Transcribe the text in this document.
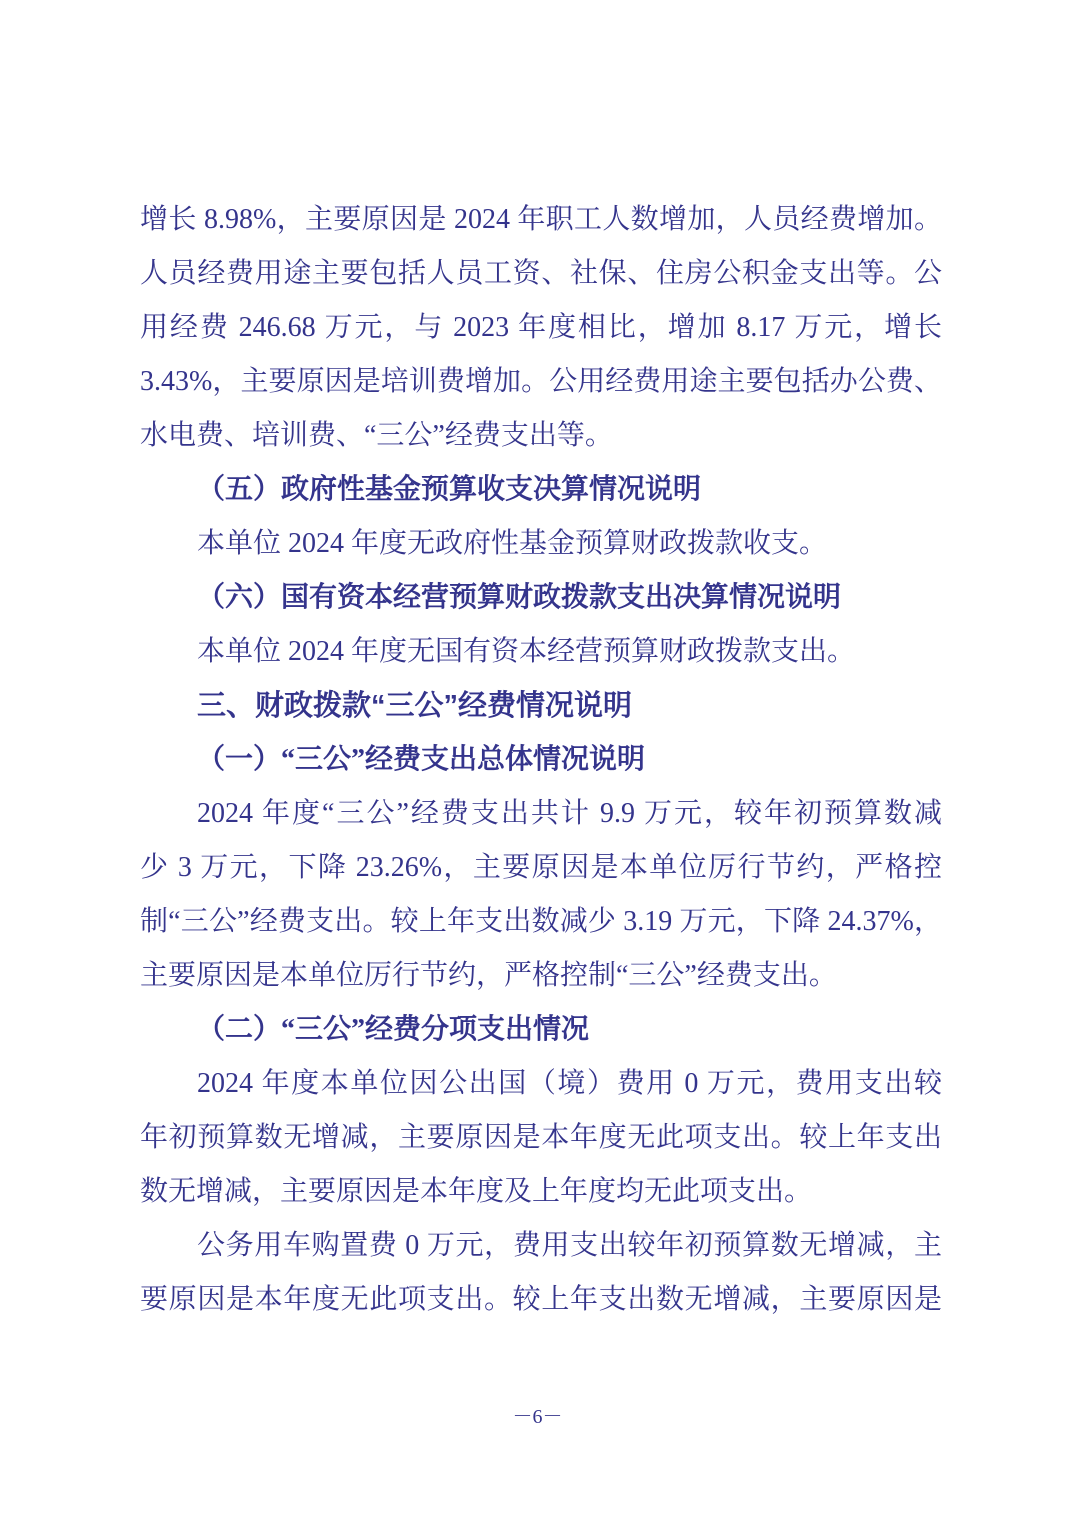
增长 8.98%，主要原因是 2024 年职工人数增加，人员经费增加。
人员经费用途主要包括人员工资、社保、住房公积金支出等。公
用经费 246.68 万元，与 2023 年度相比，增加 8.17 万元，增长
3.43%，主要原因是培训费增加。公用经费用途主要包括办公费、
水电费、培训费、“三公”经费支出等。
（五）政府性基金预算收支决算情况说明
本单位 2024 年度无政府性基金预算财政拨款收支。
（六）国有资本经营预算财政拨款支出决算情况说明
本单位 2024 年度无国有资本经营预算财政拨款支出。
三、财政拨款“三公”经费情况说明
（一）“三公”经费支出总体情况说明
2024 年度“三公”经费支出共计 9.9 万元，较年初预算数减
少 3 万元，下降 23.26%，主要原因是本单位厉行节约，严格控
制“三公”经费支出。较上年支出数减少 3.19 万元，下降 24.37%，
主要原因是本单位厉行节约，严格控制“三公”经费支出。
（二）“三公”经费分项支出情况
2024 年度本单位因公出国（境）费用 0 万元，费用支出较
年初预算数无增减，主要原因是本年度无此项支出。较上年支出
数无增减，主要原因是本年度及上年度均无此项支出。
公务用车购置费 0 万元，费用支出较年初预算数无增减，主
要原因是本年度无此项支出。较上年支出数无增减，主要原因是
－6－
